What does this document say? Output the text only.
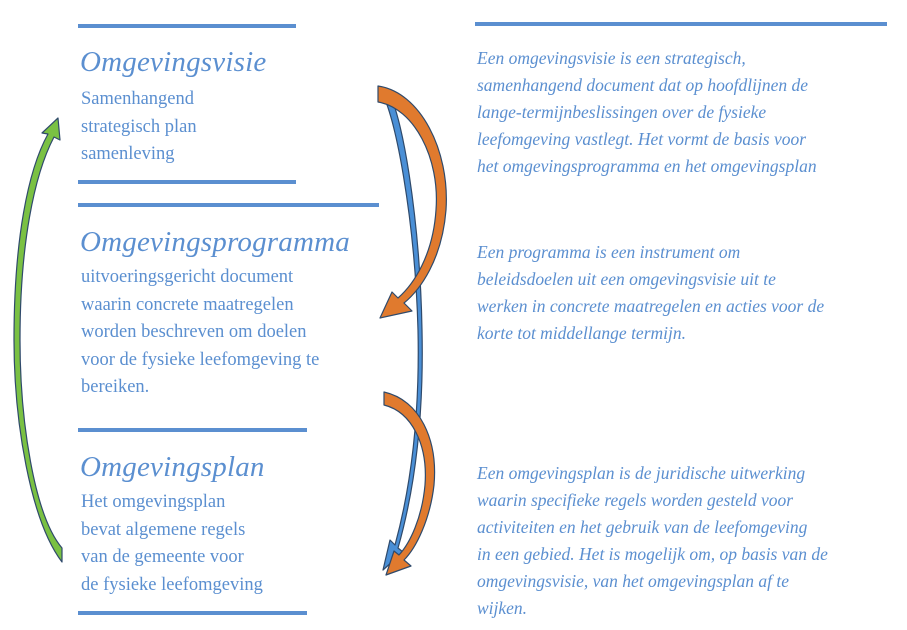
Omgevingsvisie
Samenhangend
strategisch plan
samenleving
Omgevingsprogramma
uitvoeringsgericht document
waarin concrete maatregelen
worden beschreven om doelen
voor de fysieke leefomgeving te
bereiken.
Omgevingsplan
Het omgevingsplan
bevat algemene regels
van de gemeente voor
de fysieke leefomgeving
Een omgevingsvisie is een strategisch,
samenhangend document dat op hoofdlijnen de
lange-termijnbeslissingen over de fysieke
leefomgeving vastlegt. Het vormt de basis voor
het omgevingsprogramma en het omgevingsplan
Een programma is een instrument om
beleidsdoelen uit een omgevingsvisie uit te
werken in concrete maatregelen en acties voor de
korte tot middellange termijn.
Een omgevingsplan is de juridische uitwerking
waarin specifieke regels worden gesteld voor
activiteiten en het gebruik van de leefomgeving
in een gebied. Het is mogelijk om, op basis van de
omgevingsvisie, van het omgevingsplan af te
wijken.
